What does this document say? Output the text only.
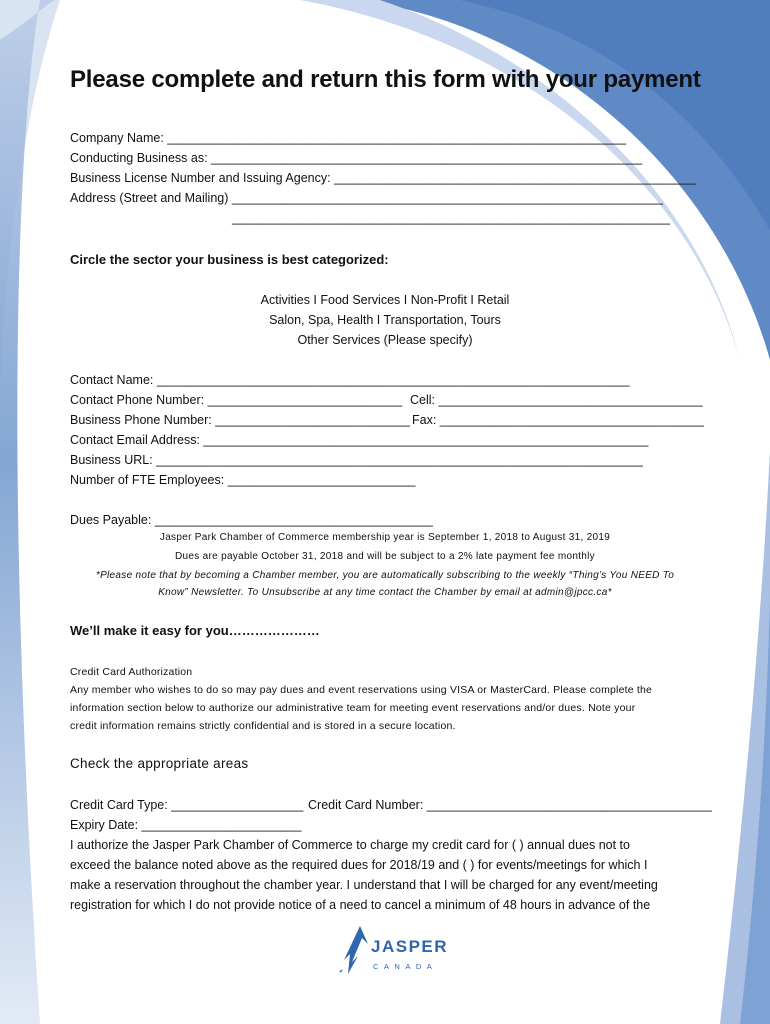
Please complete and return this form with your payment
Company Name: __________________________________________________________________
Conducting Business as: ______________________________________________________________
Business License Number and Issuing Agency: ____________________________________________________
Address (Street and Mailing) ______________________________________________________________
_______________________________________________________________
Circle the sector your business is best categorized:
Activities I Food Services I Non-Profit I Retail
Salon, Spa, Health I Transportation, Tours
Other Services (Please specify)
Contact Name: ____________________________________________________________________
Contact Phone Number: ____________________________ Cell: ______________________________________
Business Phone Number: ____________________________ Fax: ______________________________________
Contact Email Address: ________________________________________________________________
Business URL: ______________________________________________________________________
Number of FTE Employees: ___________________________
Dues Payable: ________________________________________
Jasper Park Chamber of Commerce membership year is September 1, 2018 to August 31, 2019
Dues are payable October 31, 2018 and will be subject to a 2% late payment fee monthly
*Please note that by becoming a Chamber member, you are automatically subscribing to the weekly “Thing’s You NEED To
Know” Newsletter. To Unsubscribe at any time contact the Chamber by email at admin@jpcc.ca*
We’ll make it easy for you…………………
Credit Card Authorization
Any member who wishes to do so may pay dues and event reservations using VISA or MasterCard. Please complete the
information section below to authorize our administrative team for meeting event reservations and/or dues. Note your
credit information remains strictly confidential and is stored in a secure location.
Check the appropriate areas
Credit Card Type: ___________________ Credit Card Number: _________________________________________
Expiry Date: _______________________
I authorize the Jasper Park Chamber of Commerce to charge my credit card for ( ) annual dues not to
exceed the balance noted above as the required dues for 2018/19 and ( ) for events/meetings for which I
make a reservation throughout the chamber year. I understand that I will be charged for any event/meeting
registration for which I do not provide notice of a need to cancel a minimum of 48 hours in advance of the
JASPER
CANADA
